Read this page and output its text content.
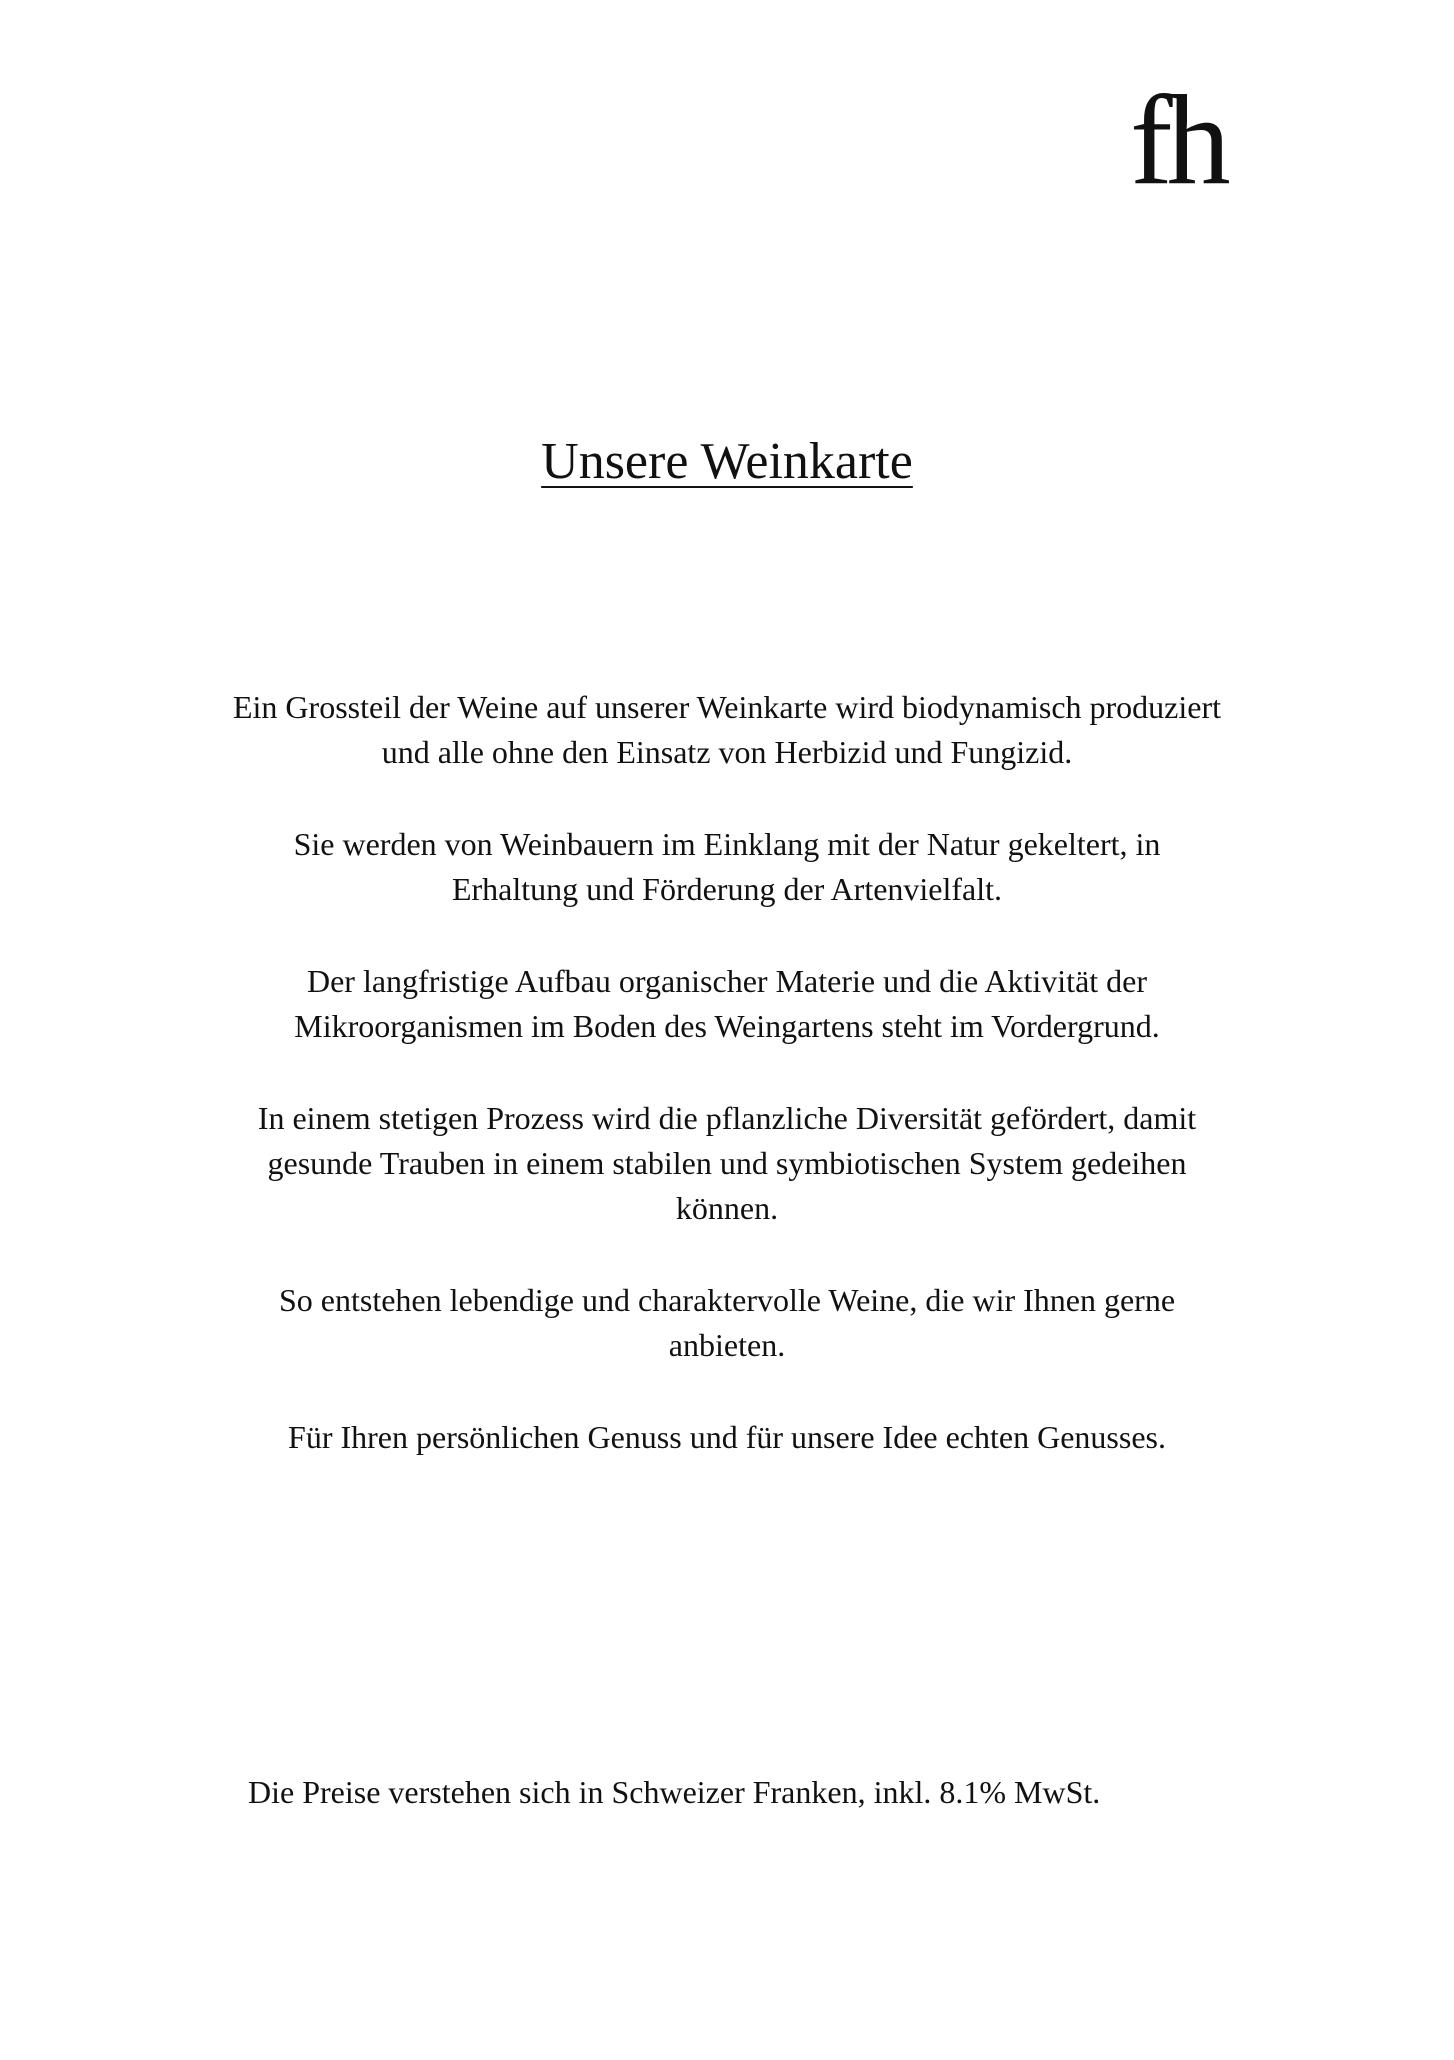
fh
Unsere Weinkarte

Ein Grossteil der Weine auf unserer Weinkarte wird biodynamisch produziert und alle ohne den Einsatz von Herbizid und Fungizid.

Sie werden von Weinbauern im Einklang mit der Natur gekeltert, in Erhaltung und Förderung der Artenvielfalt.

Der langfristige Aufbau organischer Materie und die Aktivität der Mikroorganismen im Boden des Weingartens steht im Vordergrund.

In einem stetigen Prozess wird die pflanzliche Diversität gefördert, damit gesunde Trauben in einem stabilen und symbiotischen System gedeihen können.

So entstehen lebendige und charaktervolle Weine, die wir Ihnen gerne anbieten.

Für Ihren persönlichen Genuss und für unsere Idee echten Genusses.

Die Preise verstehen sich in Schweizer Franken, inkl. 8.1% MwSt.
